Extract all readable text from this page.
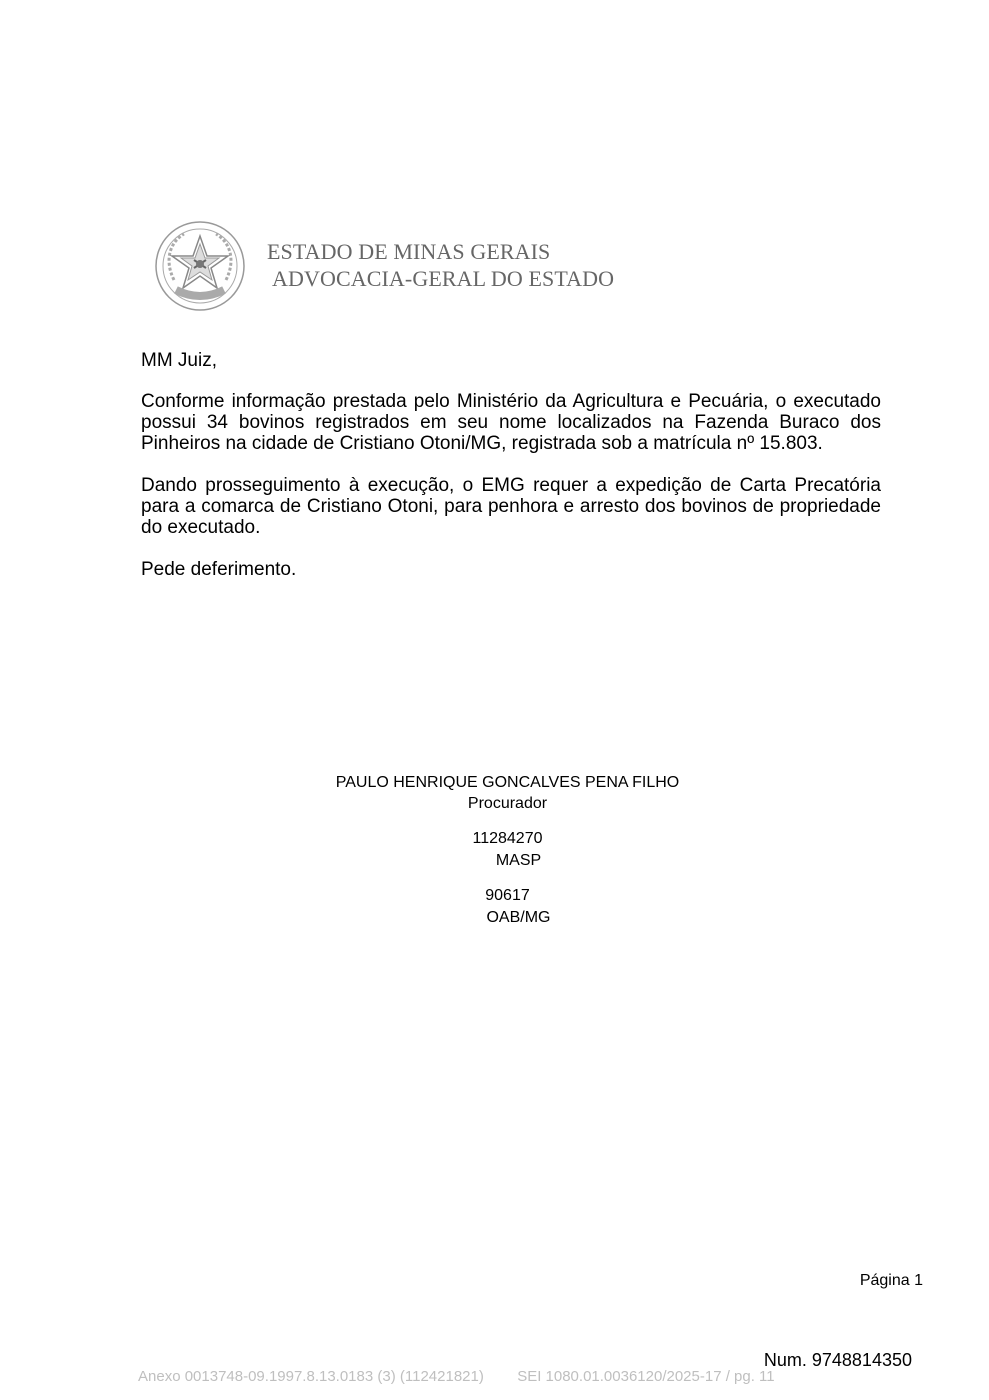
ESTADO DE MINAS GERAIS
ADVOCACIA-GERAL DO ESTADO

MM Juiz,

Conforme informação prestada pelo Ministério da Agricultura e Pecuária, o executado possui 34 bovinos registrados em seu nome localizados na Fazenda Buraco dos Pinheiros na cidade de Cristiano Otoni/MG, registrada sob a matrícula nº 15.803.

Dando prosseguimento à execução, o EMG requer a expedição de Carta Precatória para a comarca de Cristiano Otoni, para penhora e arresto dos bovinos de propriedade do executado.

Pede deferimento.

PAULO HENRIQUE GONCALVES PENA FILHO
Procurador
11284270
MASP
90617
OAB/MG
Página 1
Num. 9748814350
Anexo 0013748-09.1997.8.13.0183 (3) (112421821) SEI 1080.01.0036120/2025-17 / pg. 11
